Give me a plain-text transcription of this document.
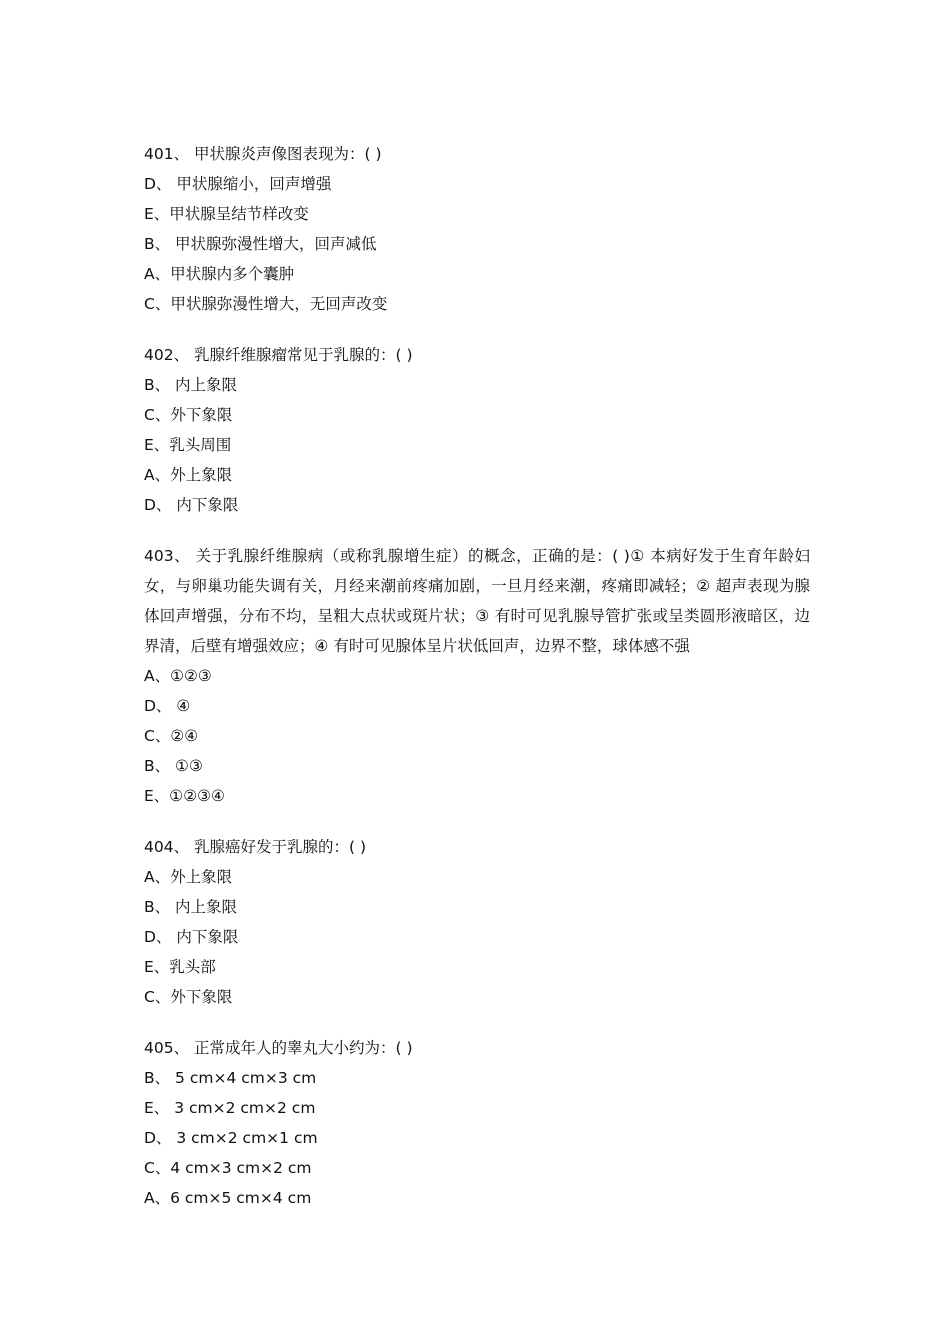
401、 甲状腺炎声像图表现为：( )

D、 甲状腺缩小，回声增强

E、甲状腺呈结节样改变

B、 甲状腺弥漫性增大，回声减低

A、甲状腺内多个囊肿

C、甲状腺弥漫性增大，无回声改变

402、 乳腺纤维腺瘤常见于乳腺的：( )

B、 内上象限

C、外下象限

E、乳头周围

A、外上象限

D、 内下象限

403、 关于乳腺纤维腺病（或称乳腺增生症）的概念，正确的是：( )① 本病好发于生育年龄妇女，与卵巢功能失调有关，月经来潮前疼痛加剧，一旦月经来潮，疼痛即减轻；② 超声表现为腺体回声增强，分布不均，呈粗大点状或斑片状；③ 有时可见乳腺导管扩张或呈类圆形液暗区，边界清，后壁有增强效应；④ 有时可见腺体呈片状低回声，边界不整，球体感不强

A、①②③

D、 ④

C、②④

B、 ①③

E、①②③④

404、 乳腺癌好发于乳腺的：( )

A、外上象限

B、 内上象限

D、 内下象限

E、乳头部

C、外下象限

405、 正常成年人的睾丸大小约为：( )

B、 5 cm×4 cm×3 cm

E、 3 cm×2 cm×2 cm

D、 3 cm×2 cm×1 cm

C、4 cm×3 cm×2 cm

A、6 cm×5 cm×4 cm
